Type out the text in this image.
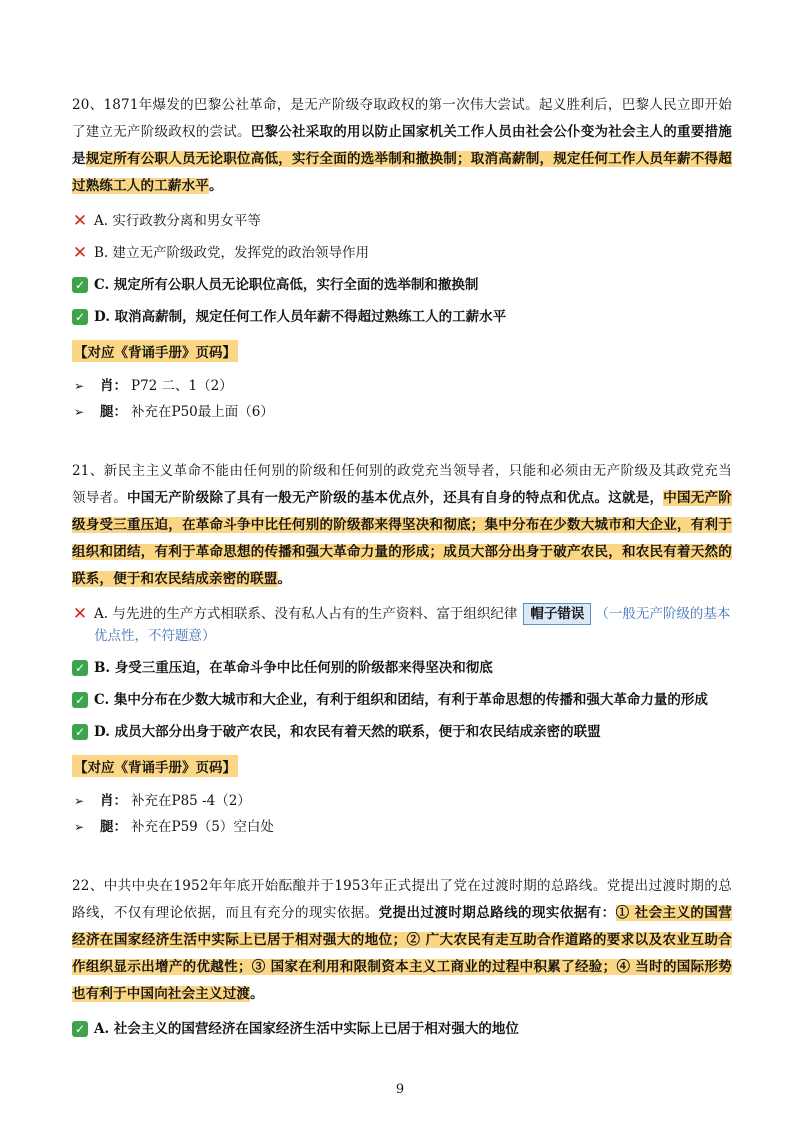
20、1871年爆发的巴黎公社革命，是无产阶级夺取政权的第一次伟大尝试。起义胜利后，巴黎人民立即开始了建立无产阶级政权的尝试。巴黎公社采取的用以防止国家机关工作人员由社会公仆变为社会主人的重要措施是规定所有公职人员无论职位高低，实行全面的选举制和撤换制；取消高薪制，规定任何工作人员年薪不得超过熟练工人的工薪水平。

✕ A. 实行政教分离和男女平等
✕ B. 建立无产阶级政党，发挥党的政治领导作用
✓ C. 规定所有公职人员无论职位高低，实行全面的选举制和撤换制
✓ D. 取消高薪制，规定任何工作人员年薪不得超过熟练工人的工薪水平
【对应《背诵手册》页码】
➢	肖： P72 二、1（2）
➢	腿： 补充在P50最上面（6）

21、新民主主义革命不能由任何别的阶级和任何别的政党充当领导者，只能和必须由无产阶级及其政党充当领导者。中国无产阶级除了具有一般无产阶级的基本优点外，还具有自身的特点和优点。这就是，中国无产阶级身受三重压迫，在革命斗争中比任何别的阶级都来得坚决和彻底；集中分布在少数大城市和大企业，有利于组织和团结，有利于革命思想的传播和强大革命力量的形成；成员大部分出身于破产农民，和农民有着天然的联系，便于和农民结成亲密的联盟。

✕ A. 与先进的生产方式相联系、没有私人占有的生产资料、富于组织纪律 帽子错误 （一般无产阶级的基本优点性，不符题意）
✓ B. 身受三重压迫，在革命斗争中比任何别的阶级都来得坚决和彻底
✓ C. 集中分布在少数大城市和大企业，有利于组织和团结，有利于革命思想的传播和强大革命力量的形成
✓ D. 成员大部分出身于破产农民，和农民有着天然的联系，便于和农民结成亲密的联盟
【对应《背诵手册》页码】
➢	肖： 补充在P85 -4（2）
➢	腿： 补充在P59（5）空白处

22、中共中央在1952年年底开始酝酿并于1953年正式提出了党在过渡时期的总路线。党提出过渡时期的总路线，不仅有理论依据，而且有充分的现实依据。党提出过渡时期总路线的现实依据有：① 社会主义的国营经济在国家经济生活中实际上已居于相对强大的地位；② 广大农民有走互助合作道路的要求以及农业互助合作组织显示出增产的优越性；③ 国家在利用和限制资本主义工商业的过程中积累了经验；④ 当时的国际形势也有利于中国向社会主义过渡。

✓ A. 社会主义的国营经济在国家经济生活中实际上已居于相对强大的地位
9
